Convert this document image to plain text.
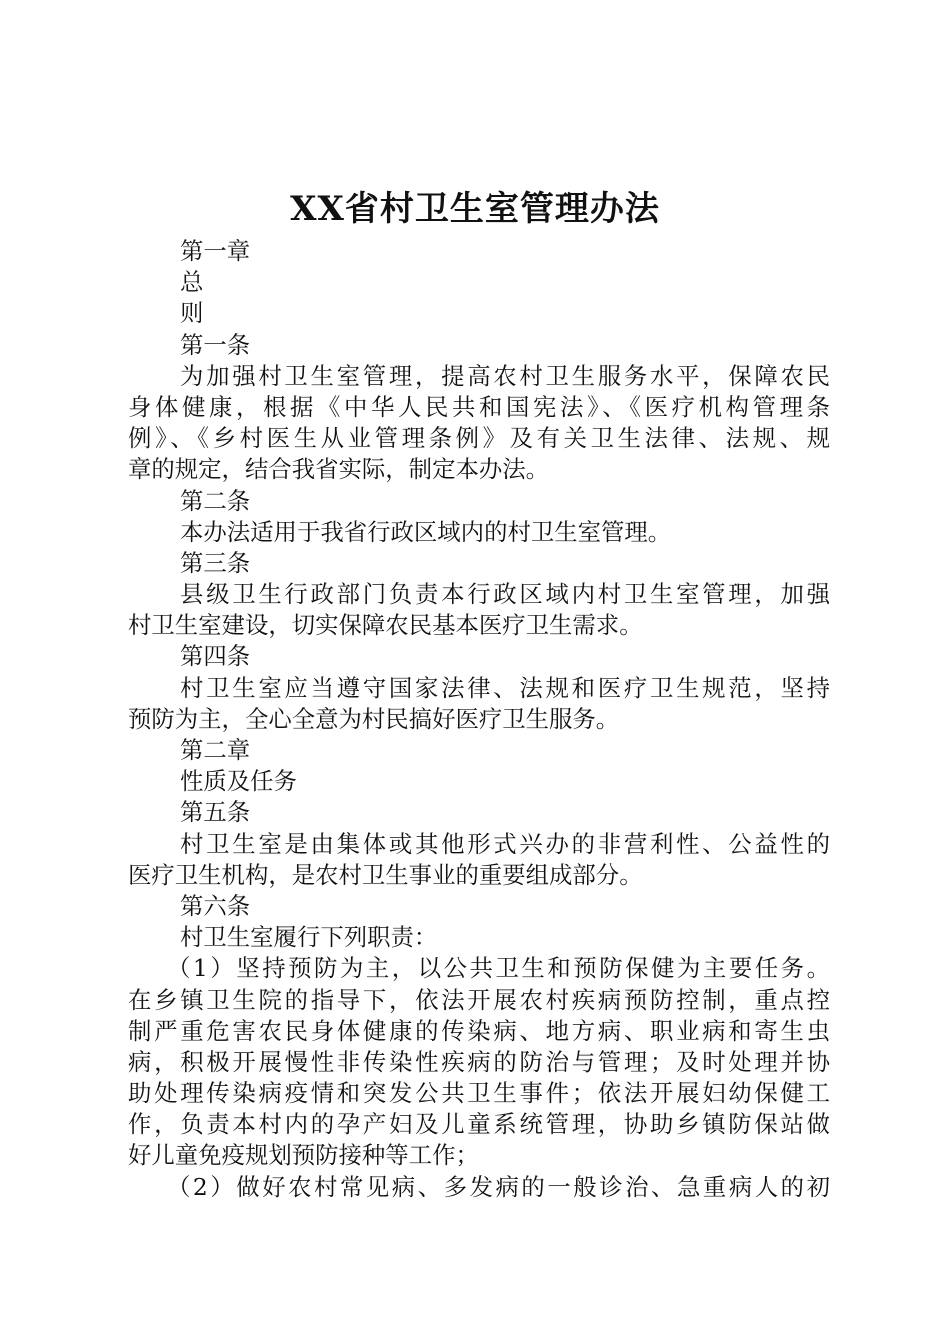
XX省村卫生室管理办法
第一章
总
则
第一条
为加强村卫生室管理，提高农村卫生服务水平，保障农民
身体健康，根据《中华人民共和国宪法》、《医疗机构管理条
例》、《乡村医生从业管理条例》及有关卫生法律、法规、规
章的规定，结合我省实际，制定本办法。
第二条
本办法适用于我省行政区域内的村卫生室管理。
第三条
县级卫生行政部门负责本行政区域内村卫生室管理，加强
村卫生室建设，切实保障农民基本医疗卫生需求。
第四条
村卫生室应当遵守国家法律、法规和医疗卫生规范，坚持
预防为主，全心全意为村民搞好医疗卫生服务。
第二章
性质及任务
第五条
村卫生室是由集体或其他形式兴办的非营利性、公益性的
医疗卫生机构，是农村卫生事业的重要组成部分。
第六条
村卫生室履行下列职责：
（1）坚持预防为主，以公共卫生和预防保健为主要任务。
在乡镇卫生院的指导下，依法开展农村疾病预防控制，重点控
制严重危害农民身体健康的传染病、地方病、职业病和寄生虫
病，积极开展慢性非传染性疾病的防治与管理；及时处理并协
助处理传染病疫情和突发公共卫生事件；依法开展妇幼保健工
作，负责本村内的孕产妇及儿童系统管理，协助乡镇防保站做
好儿童免疫规划预防接种等工作；
（2）做好农村常见病、多发病的一般诊治、急重病人的初
